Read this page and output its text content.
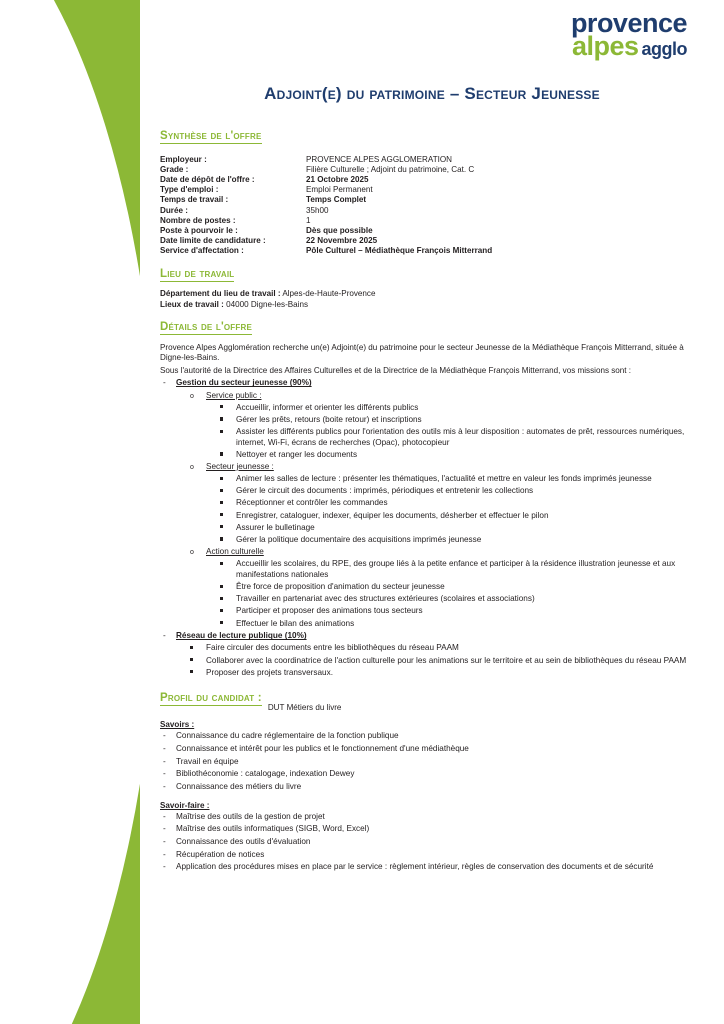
provence
alpes agglo
Adjoint(e) du patrimoine – Secteur Jeunesse
Synthèse de l'offre
Employeur :	PROVENCE ALPES AGGLOMERATION
Grade :	Filière Culturelle ; Adjoint du patrimoine, Cat. C
Date de dépôt de l'offre :	21 Octobre 2025
Type d'emploi :	Emploi Permanent
Temps de travail :	Temps Complet
Durée :	35h00
Nombre de postes :	1
Poste à pourvoir le :	Dès que possible
Date limite de candidature :	22 Novembre 2025
Service d'affectation :	Pôle Culturel – Médiathèque François Mitterrand
Lieu de travail
Département du lieu de travail : Alpes-de-Haute-Provence
Lieux de travail : 04000 Digne-les-Bains
Détails de l'offre

Provence Alpes Agglomération recherche un(e) Adjoint(e) du patrimoine pour le secteur Jeunesse de la Médiathèque François Mitterrand, située à Digne-les-Bains.

Sous l'autorité de la Directrice des Affaires Culturelles et de la Directrice de la Médiathèque François Mitterrand, vos missions sont :

- Gestion du secteur jeunesse (90%)
o Service public :
Accueillir, informer et orienter les différents publics
Gérer les prêts, retours (boite retour) et inscriptions
Assister les différents publics pour l'orientation des outils mis à leur disposition : automates de prêt, ressources numériques, internet, Wi-Fi, écrans de recherches (Opac), photocopieur
Nettoyer et ranger les documents
o Secteur jeunesse :
Animer les salles de lecture : présenter les thématiques, l'actualité et mettre en valeur les fonds imprimés jeunesse
Gérer le circuit des documents : imprimés, périodiques et entretenir les collections
Réceptionner et contrôler les commandes
Enregistrer, cataloguer, indexer, équiper les documents, désherber et effectuer le pilon
Assurer le bulletinage
Gérer la politique documentaire des acquisitions imprimés jeunesse
o Action culturelle
Accueillir les scolaires, du RPE, des groupe liés à la petite enfance et participer à la résidence illustration jeunesse et aux manifestations nationales
Être force de proposition d'animation du secteur jeunesse
Travailler en partenariat avec des structures extérieures (scolaires et associations)
Participer et proposer des animations tous secteurs
Effectuer le bilan des animations
- Réseau de lecture publique (10%)
Faire circuler des documents entre les bibliothèques du réseau PAAM
Collaborer avec la coordinatrice de l'action culturelle pour les animations sur le territoire et au sein de bibliothèques du réseau PAAM
Proposer des projets transversaux.
Profil du candidat :
DUT Métiers du livre
Savoirs :
- Connaissance du cadre réglementaire de la fonction publique
- Connaissance et intérêt pour les publics et le fonctionnement d'une médiathèque
- Travail en équipe
- Bibliothéconomie : catalogage, indexation Dewey
- Connaissance des métiers du livre
Savoir-faire :
- Maîtrise des outils de la gestion de projet
- Maîtrise des outils informatiques (SIGB, Word, Excel)
- Connaissance des outils d'évaluation
- Récupération de notices
- Application des procédures mises en place par le service : règlement intérieur, règles de conservation des documents et de sécurité
